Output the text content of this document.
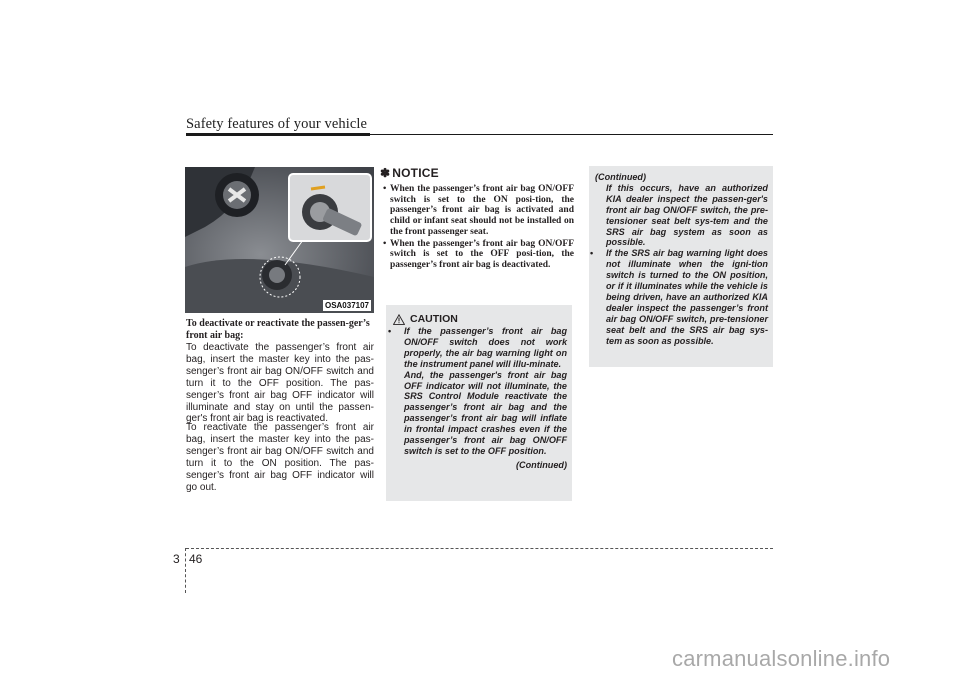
Safety features of your vehicle
OSA037107
To deactivate or reactivate the passen-ger’s front air bag:
To deactivate the passenger’s front air bag, insert the master key into the pas-senger’s front air bag ON/OFF switch and turn it to the OFF position. The pas-senger’s front air bag OFF indicator will illuminate and stay on until the passen-ger's front air bag is reactivated.
To reactivate the passenger’s front air bag, insert the master key into the pas-senger’s front air bag ON/OFF switch and turn it to the ON position. The pas-senger’s front air bag OFF indicator will go out.
✽ NOTICE
• When the passenger’s front air bag ON/OFF switch is set to the ON posi-tion, the passenger’s front air bag is activated and child or infant seat should not be installed on the front passenger seat.
• When the passenger’s front air bag ON/OFF switch is set to the OFF posi-tion, the passenger’s front air bag is deactivated.
CAUTION
• If the passenger’s front air bag ON/OFF switch does not work properly, the air bag warning light on the instrument panel will illu-minate.
And, the passenger's front air bag OFF indicator will not illuminate, the SRS Control Module reactivate the passenger’s front air bag and the passenger’s front air bag will inflate in frontal impact crashes even if the passenger’s front air bag ON/OFF switch is set to the OFF position.
(Continued)
(Continued)
If this occurs, have an authorized KIA dealer inspect the passen-ger's front air bag ON/OFF switch, the pre-tensioner seat belt sys-tem and the SRS air bag system as soon as possible.
• If the SRS air bag warning light does not illuminate when the igni-tion switch is turned to the ON position, or if it illuminates while the vehicle is being driven, have an authorized KIA dealer inspect the passenger’s front air bag ON/OFF switch, pre-tensioner seat belt and the SRS air bag sys-tem as soon as possible.
3 46
carmanualsonline.info
